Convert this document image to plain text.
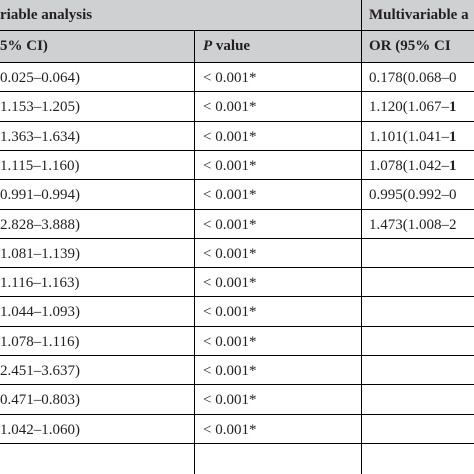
riable analysis	Multivariable a
5% CI)	P value	OR (95% CI
0.025–0.064)	< 0.001*	0.178(0.068–0
1.153–1.205)	< 0.001*	1.120(1.067–1
1.363–1.634)	< 0.001*	1.101(1.041–1
1.115–1.160)	< 0.001*	1.078(1.042–1
0.991–0.994)	< 0.001*	0.995(0.992–0
2.828–3.888)	< 0.001*	1.473(1.008–2
1.081–1.139)	< 0.001*
1.116–1.163)	< 0.001*
1.044–1.093)	< 0.001*
1.078–1.116)	< 0.001*
2.451–3.637)	< 0.001*
0.471–0.803)	< 0.001*
1.042–1.060)	< 0.001*
